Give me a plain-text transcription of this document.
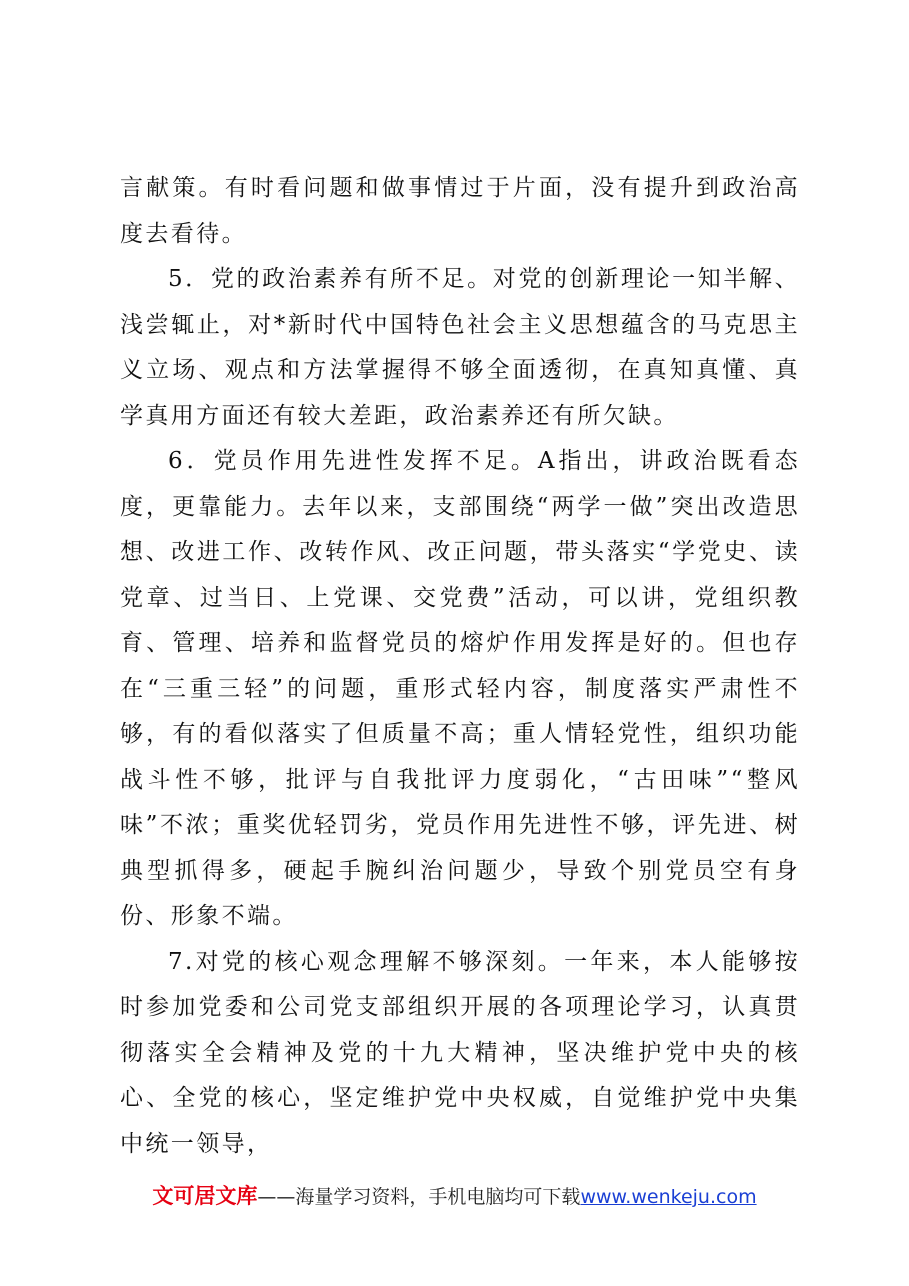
言献策。有时看问题和做事情过于片面，没有提升到政治高度去看待。

5．党的政治素养有所不足。对党的创新理论一知半解、浅尝辄止，对*新时代中国特色社会主义思想蕴含的马克思主义立场、观点和方法掌握得不够全面透彻，在真知真懂、真学真用方面还有较大差距，政治素养还有所欠缺。

6．党员作用先进性发挥不足。A指出，讲政治既看态度，更靠能力。去年以来，支部围绕“两学一做”突出改造思想、改进工作、改转作风、改正问题，带头落实“学党史、读党章、过当日、上党课、交党费”活动，可以讲，党组织教育、管理、培养和监督党员的熔炉作用发挥是好的。但也存在“三重三轻”的问题，重形式轻内容，制度落实严肃性不够，有的看似落实了但质量不高；重人情轻党性，组织功能战斗性不够，批评与自我批评力度弱化，“古田味”“整风味”不浓；重奖优轻罚劣，党员作用先进性不够，评先进、树典型抓得多，硬起手腕纠治问题少，导致个别党员空有身份、形象不端。

7.对党的核心观念理解不够深刻。一年来，本人能够按时参加党委和公司党支部组织开展的各项理论学习，认真贯彻落实全会精神及党的十九大精神，坚决维护党中央的核心、全党的核心，坚定维护党中央权威，自觉维护党中央集中统一领导，

文可居文库——海量学习资料，手机电脑均可下载www.wenkeju.com
